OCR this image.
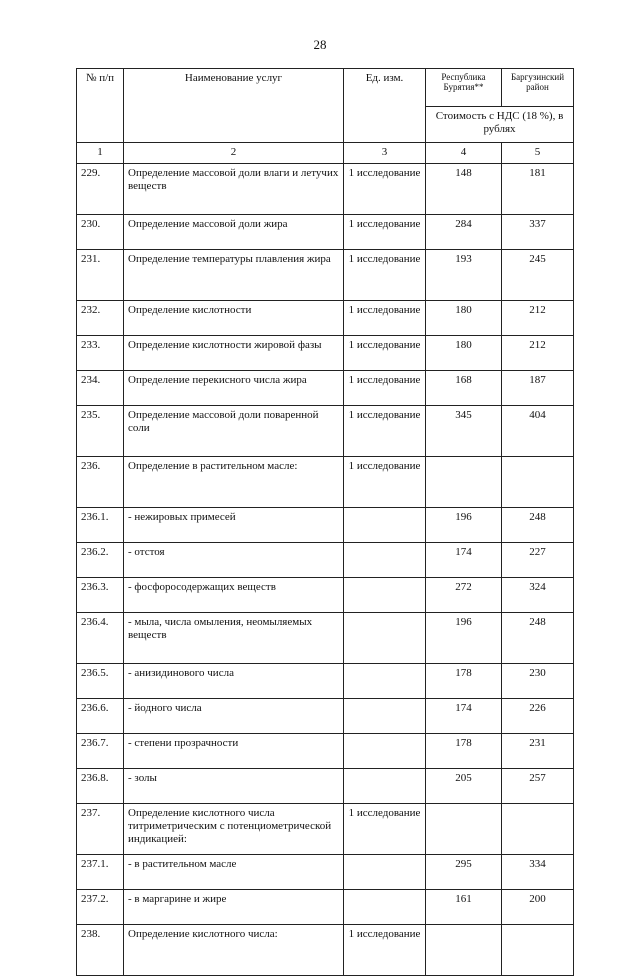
28
№ п/п	Наименование услуг	Ед. изм.	Республика Бурятия**	Баргузинский район
			Стоимость с НДС (18 %), в рублях	
1	2	3	4	5
229.	Определение массовой доли влаги и летучих веществ	1 исследование	148	181
230.	Определение массовой доли жира	1 исследование	284	337
231.	Определение температуры плавления жира	1 исследование	193	245
232.	Определение кислотности	1 исследование	180	212
233.	Определение кислотности жировой фазы	1 исследование	180	212
234.	Определение перекисного числа жира	1 исследование	168	187
235.	Определение массовой доли поваренной соли	1 исследование	345	404
236.	Определение в растительном масле:	1 исследование		
236.1.	- нежировых примесей		196	248
236.2.	- отстоя		174	227
236.3.	- фосфоросодержащих веществ		272	324
236.4.	- мыла, числа омыления, неомыляемых веществ		196	248
236.5.	- анизидинового числа		178	230
236.6.	- йодного числа		174	226
236.7.	- степени прозрачности		178	231
236.8.	- золы		205	257
237.	Определение кислотного числа титриметрическим с потенциометрической индикацией:	1 исследование		
237.1.	- в растительном масле		295	334
237.2.	- в маргарине и жире		161	200
238.	Определение кислотного числа:	1 исследование		
